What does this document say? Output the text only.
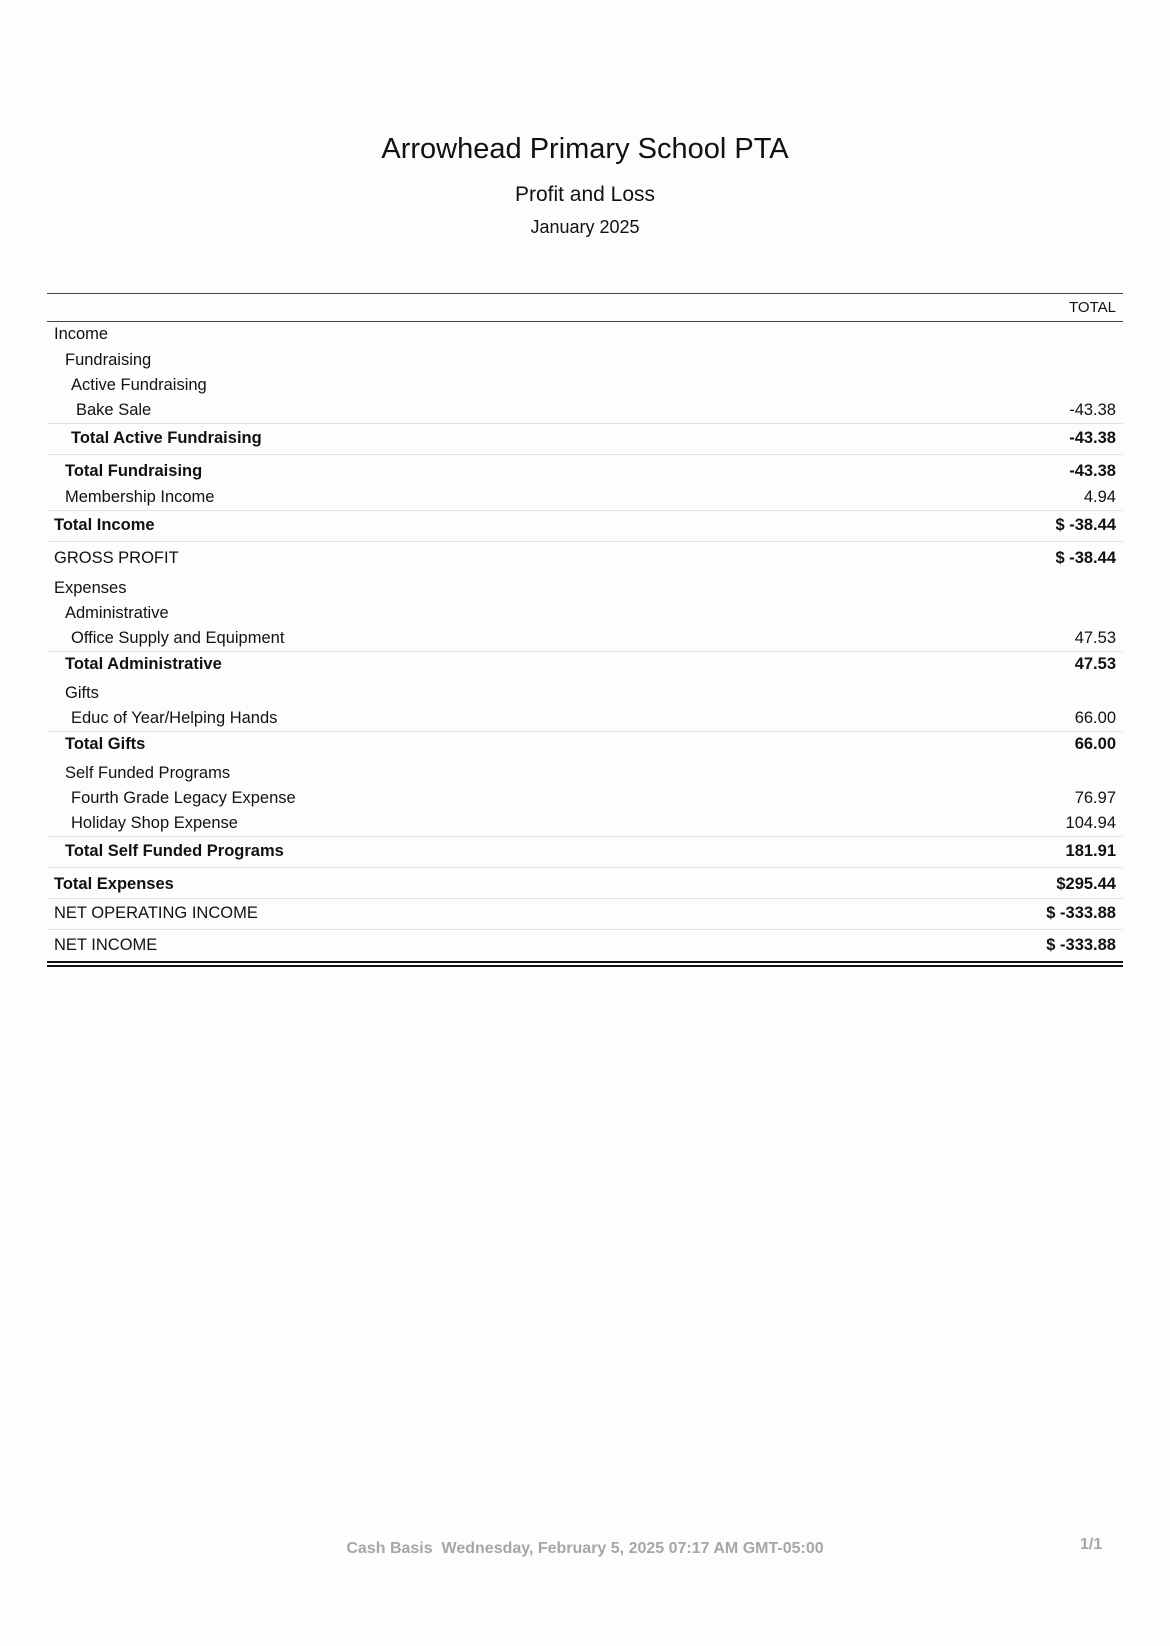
Arrowhead Primary School PTA
Profit and Loss
January 2025
TOTAL
Income
Fundraising
Active Fundraising
Bake Sale	-43.38
Total Active Fundraising	-43.38
Total Fundraising	-43.38
Membership Income	4.94
Total Income	$ -38.44
GROSS PROFIT	$ -38.44
Expenses
Administrative
Office Supply and Equipment	47.53
Total Administrative	47.53
Gifts
Educ of Year/Helping Hands	66.00
Total Gifts	66.00
Self Funded Programs
Fourth Grade Legacy Expense	76.97
Holiday Shop Expense	104.94
Total Self Funded Programs	181.91
Total Expenses	$295.44
NET OPERATING INCOME	$ -333.88
NET INCOME	$ -333.88
Cash Basis Wednesday, February 5, 2025 07:17 AM GMT-05:00	1/1
